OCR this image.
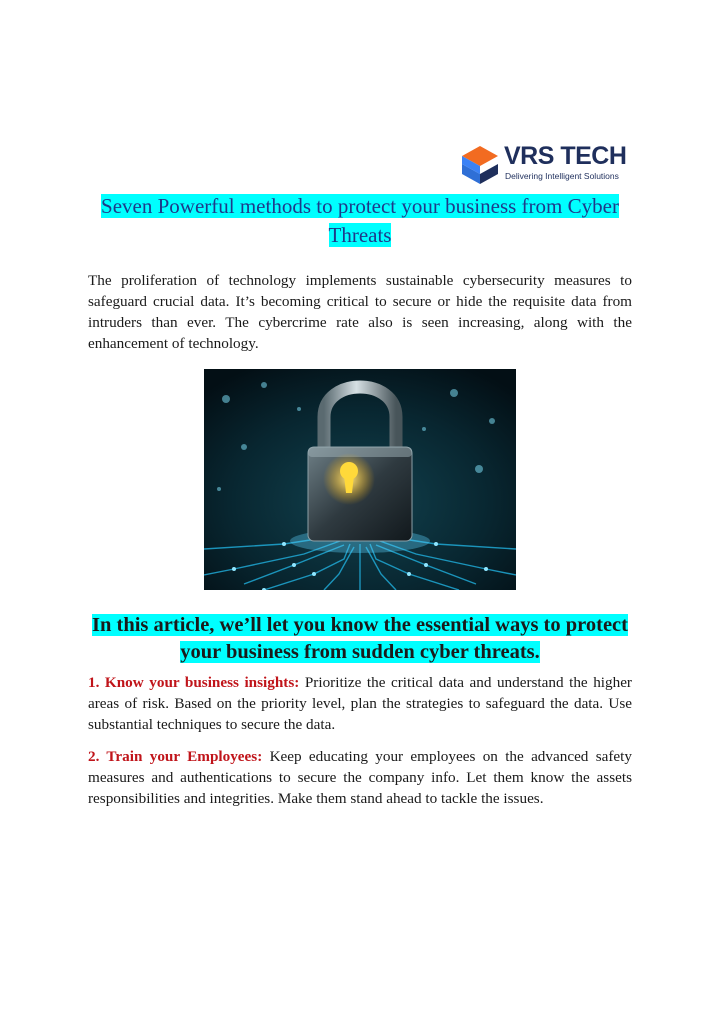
VRS TECH
Delivering Intelligent Solutions
Seven Powerful methods to protect your business from Cyber Threats

The proliferation of technology implements sustainable cybersecurity measures to safeguard crucial data. It’s becoming critical to secure or hide the requisite data from intruders than ever. The cybercrime rate also is seen increasing, along with the enhancement of technology.

In this article, we’ll let you know the essential ways to protect your business from sudden cyber threats.

1. Know your business insights: Prioritize the critical data and understand the higher areas of risk. Based on the priority level, plan the strategies to safeguard the data. Use substantial techniques to secure the data.

2. Train your Employees: Keep educating your employees on the advanced safety measures and authentications to secure the company info. Let them know the assets responsibilities and integrities. Make them stand ahead to tackle the issues.
